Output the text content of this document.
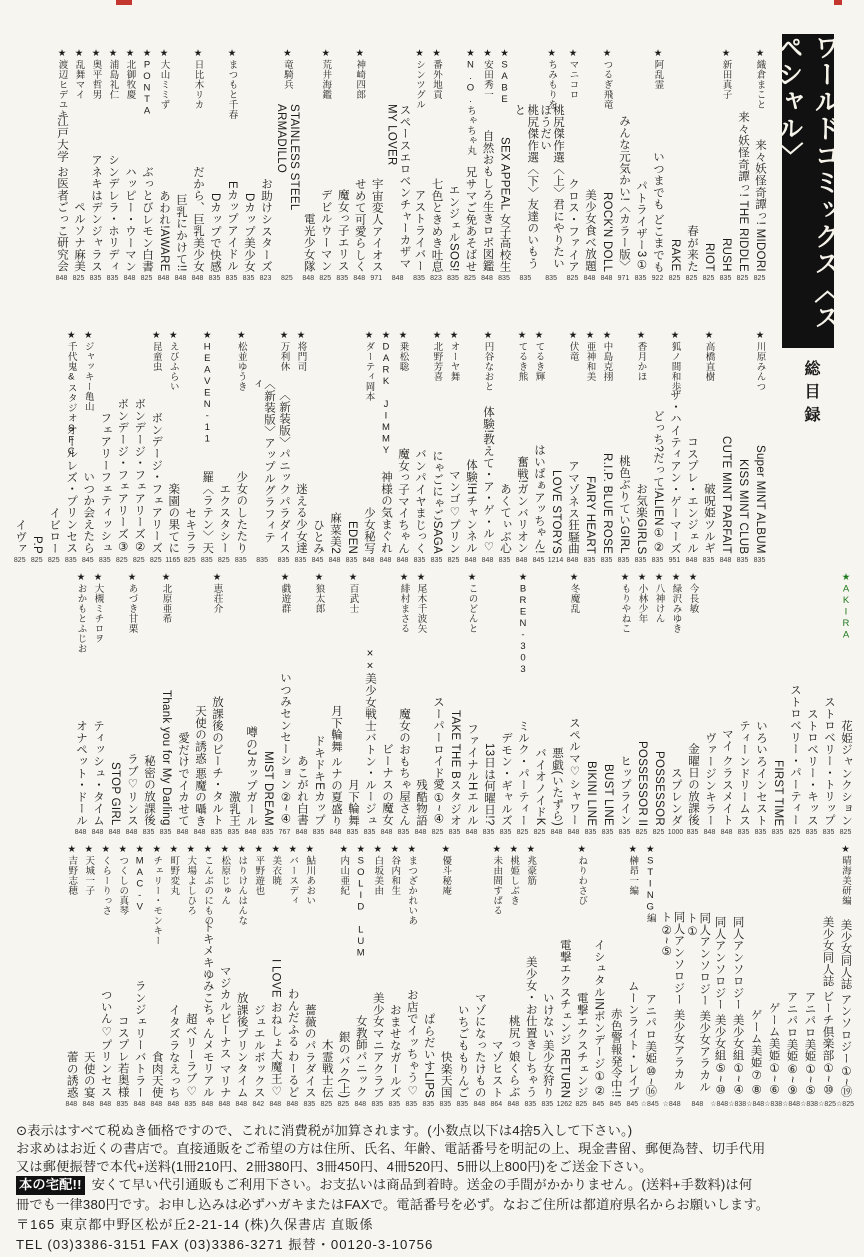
ワールドコミックス〈スペシャル〉
総目録
★織倉まこと
来々妖怪奇譚っ! MIDORI
825
来々妖怪奇譚っ! THE RIDDLE
825
★新田真子
RUSH
835
RIOT
825
春が来た
825
RAKE
825
★阿乱霊
いつまでも どこまでも
922
パトライザー3①
835
みんな元気かい!〈カラー版〉
971
★つるぎ飛竜
ROCK'N DOLL
848
美少女食べ放題
848
★マニコロ
クロス・ファイア
825
★ちみもりを
桃尻傑作選〈上〉君にやりたいほうだい
835
桃尻傑作選〈下〉友達のいもうと
835
★SABE
SEX APPEAL 女子高校生
835
★安田秀一
自然おもしろ生きロボ図鑑
848
★N.O.ちゃちゃ丸
兄サマご免あそばせ
825
エンジェルSOS!
835
★番外地貢
七色ときめき吐息
823
★シンツグル
アストライバー
835
スペースエロベンチャーカザマ MY LOVER
848
宇宙変人アイオス
971
★神崎四郎
せめて可愛らしく
848
魔女っ子エリス
835
★荒井海鑑
デビルウーマン
825
電光少女隊
848
★竜騎兵
STAINLESS STEEL ARMADILLO
825
お助けシスターズ
823
Dカップ美少女
835
★まつもと千春
Eカップアイドル
835
Dカップで快感
835
★日比木リカ
だから、巨乳美少女
848
巨乳にかけて!!
848
★大山ミミず
あわれ!AWARE
848
★PONTA
ぶっとびレモン白書
825
★北御牧慶
ハッピー・ウーマン
848
★浦島礼仁
シンデレラ・ホリディ
835
★奥平哲男
アネキはデンジャラス
835
★乱舞マイ
ペルソナ麻美
825
★渡辺ヒデユキ
江戸大学 お医者ごっこ研究会
848
★川原みんつ
Super MINT ALBUM
835
KISS MINT CLUB
835
CUTE MINT PARFAIT
848
★高橋直樹
破呪姫ツルギ
835
コスプレ・エンジェル
848
★狐ノ間和歩
ザ・ハイティアン・ゲーマーズ
951
どっち?だって!ALIEN①②
835
★香月かほ
お気楽GIRLS
835
桃色ぶりていGIRL
835
★中島克挧
R.I.P. BLUE ROSE
835
★亜神和美
FAIRY HEART
835
★伏竜
アマゾネス狂騒曲
848
LOVE STORYS
1214
★てるき輝
はいぱぁアッちゃん!
845
★てるき熊
奮戦!ガンバリオン
848
あくてぃぶ心
835
★円谷なおと
体験!教えて・ア・ゲ・ル♡
848
体験!Hチャンネル
848
★オーヤ舞
マンゴ♡プリン
825
★北野芳喜
にゃごにゃごSAGA
835
バンパイヤまじっく
835
★乗松聡
魔女っ子マイちゃん
848
★DARK JIMMY
神様の気まぐれ
848
★ダーティ岡本
少女秘写
848
EDEN
835
麻菜美2
848
ひとみ
845
★将門司
迷える少女達
835
★万利休
〈新装版〉パニックパラダイス
835
〈新装版〉アップルグラフィティ
835
★松並ゆうき
少女のしたたり
835
エクスタシー
825
★HEAVEN-11
羅〈ラテン〉天
835
セキララ
825
★えびふらい
楽園の果てに
1165
★昆童虫
ボンデージ・フェアリーズ
825
ボンデージ・フェアリーズ②
825
ボンデージ・フェアリーズ③
825
フェアリーフェティッシュ
835
★ジャッキー亀山
いつか会えたら
845
★千代鬼&スタジオSFC
オールレズ・プリンセス
835
イビロー
825
P.P
825
イヴァ
825
★AKIRA
花姫ジャンクション
825
ストロベリー・トリップ
835
ストロベリー・キッス
835
ストロベリー・パーティー
825
FIRST TIME
835
いろいろインセスト
835
ティーンドリームス
835
マイ クラスメイト
848
ヴァージンキラー
848
★今長敏
金曜日の放課後
835
★緑沢みゆき
スプレンダ
1000
★八神けん
POSSESSOR
825
★小林少年
POSSESSOR II
825
★もりやねこ
ヒップライン
835
BUST LINE
835
BIKINI LINE
835
★冬魔乱
スペルマ♡シャワー
848
悪戯(いたずら)
848
バイオノイドK
825
★BREN-303
ミルク・パーティー
825
デモン・ギャルズ
835
13日は何曜日!?
835
★このどんと
ファイナルHエルル
848
TAKE THE Bスタジオ
835
スーパーロイド愛①~④
825
★尾木千波矢
残酷物語
848
★緋村まさる
魔女のおもちゃ屋さん
835
ビーナスの魔女
848
××美少女戦士バトン・ルージュ
835
★百武士
月下輪舞
835
月下輪舞 ルナの夏盛り
848
★狼太郎
ドキドキEカップ
835
あこがれ白書
848
★戯遊群
いつみセンセーション②~④
767
MIST DREAM
835
噂のJカップガール
848
激乳王
835
★恵荘介
放課後のビーチ・タルト
835
天使の誘惑 悪魔の囁き
848
愛だけでイカせて
848
★北原亜希
Thank you for My Darling
835
秘密の放課後
835
★あづき甘栗
ラブ♡リンス
848
STOP GIRL
848
★大槻ミチロヲ
ティッシュ・タイム
848
★おかもとふじお
オナペット・ドール
848
★晴海美研編
美少女同人誌 アンソロジー①~⑲
☆825
美少女同人誌 ビーチ倶楽部①~⑩
☆825
アニパロ美姫①~⑤
☆838
アニパロ美姫⑥~⑨
☆848
ゲーム美姫①~⑥
☆838
ゲーム美姫⑦⑧
☆848
同人アンソロジー 美少女組①~④
☆838
同人アンソロジー 美少女組⑤~⑩
☆848
同人アンソロジー 美少女アラカルト①
848
同人アンソロジー 美少女アラカルト②~⑤
☆848
★STING編
アニパロ美姫⑩~⑯
☆845
★榊昂一編
ムーンライト・レイプ
845
赤色警報発令中!!
845
イシュタルINボンデージ①②
845
★ねりわさび
電撃エクスチェンジ
825
電撃エクスチェンジ RETURN
1262
いけない美少女狩り
835
★兆豪筋
美少女・お仕置きしちゃう
835
★桃姫しぶき
桃尻っ娘くらぶ
848
★未由間すばる
マゾヒスト
864
マゾになったけもの
848
いちごももりんご
835
★優斗秘庵
快楽天国
835
ぱらだいすLIPS
835
★まつざかれいあ
お店でイッちゃう♡
835
★谷内和生
おませなガールズ
835
★白坂美由
美少女マニアクラブ
835
★SOLID LUM
女教師パニック
848
★内山亜紀
銀のバク(上)
825
木霊戦士伝
825
★鮎川あおい
薔薇のパラダイス
835
★バースディ
わんだふる わーるど
848
★美衣暁
I LOVE おねしょ大魔王♡
848
★平野遊也
ジュエルボックス
842
★はりけんはんな
放課後プリンタイム
848
★松原じゅん
マジカルビーナス マリナ
848
★こんぶのにもの
トキメキゆみこちゃんメモリアル
848
★大場よしひろ
超ベリーラブ♡
835
★町野変丸
イタズラなえっち
848
★チェリー・モンキー
食肉天使
848
★MAC-V
ランジェリーバトラー
848
★つくしの真琴
コスプレ若奥様
835
★くらーりっさ
ついん♡プリンセス
848
★天城一子
天使の宴
848
★吉野志穂
蕾の誘惑
848

⊙表示はすべて税ぬき価格ですので、これに消費税が加算されます。(小数点以下は4捨5入して下さい。)

お求めはお近くの書店で。直接通販をご希望の方は住所、氏名、年齢、電話番号を明記の上、現金書留、郵便為替、切手代用

又は郵便振替で本代+送料(1冊210円、2冊380円、3冊450円、4冊520円、5冊以上800円)をご送金下さい。

本の宅配!! 安くて早い代引通販もご利用下さい。お支払いは商品到着時。送金の手間がかかりません。(送料+手数料)は何

冊でも一律380円です。お申し込みは必ずハガキまたはFAXで。電話番号を必ず。なおご住所は都道府県名からお願いします。

〒165 東京都中野区松が丘2-21-14 (株)久保書店 直販係

TEL (03)3386-3151 FAX (03)3386-3271 振替・00120-3-10756
